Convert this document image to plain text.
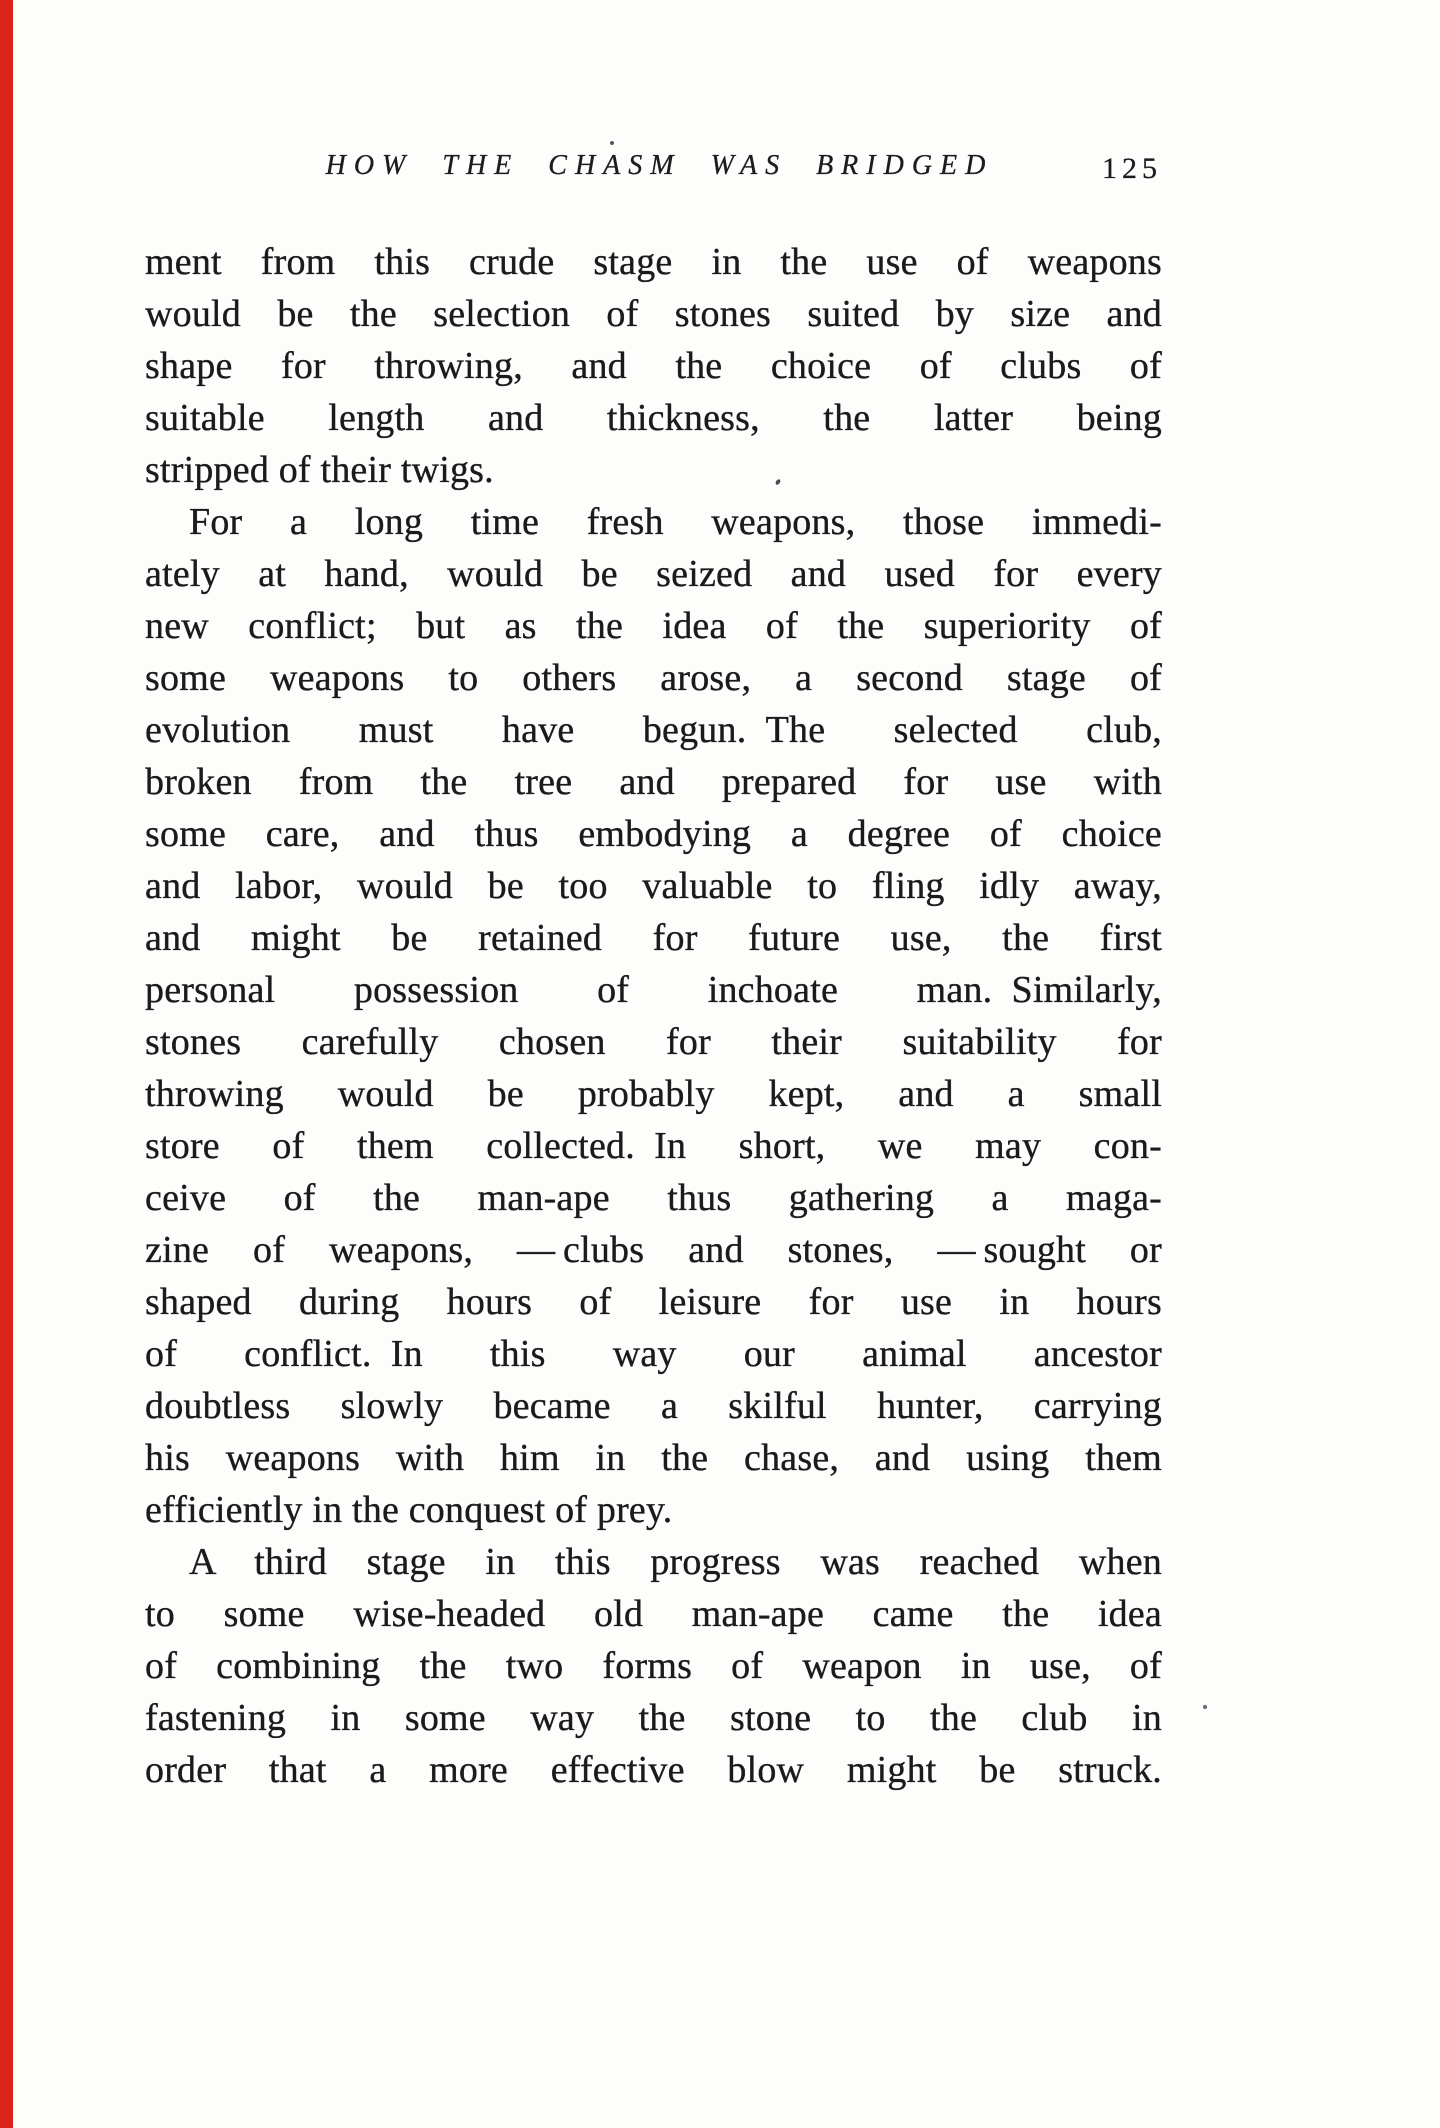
HOW THE CHASM WAS BRIDGED	125
ment from this crude stage in the use of weapons
would be the selection of stones suited by size and
shape for throwing, and the choice of clubs of
suitable length and thickness, the latter being
stripped of their twigs.
For a long time fresh weapons, those immedi-
ately at hand, would be seized and used for every
new conflict; but as the idea of the superiority of
some weapons to others arose, a second stage of
evolution must have begun. The selected club,
broken from the tree and prepared for use with
some care, and thus embodying a degree of choice
and labor, would be too valuable to fling idly away,
and might be retained for future use, the first
personal possession of inchoate man. Similarly,
stones carefully chosen for their suitability for
throwing would be probably kept, and a small
store of them collected. In short, we may con-
ceive of the man-ape thus gathering a maga-
zine of weapons, — clubs and stones, — sought or
shaped during hours of leisure for use in hours
of conflict. In this way our animal ancestor
doubtless slowly became a skilful hunter, carrying
his weapons with him in the chase, and using them
efficiently in the conquest of prey.
A third stage in this progress was reached when
to some wise-headed old man-ape came the idea
of combining the two forms of weapon in use, of
fastening in some way the stone to the club in
order that a more effective blow might be struck.
